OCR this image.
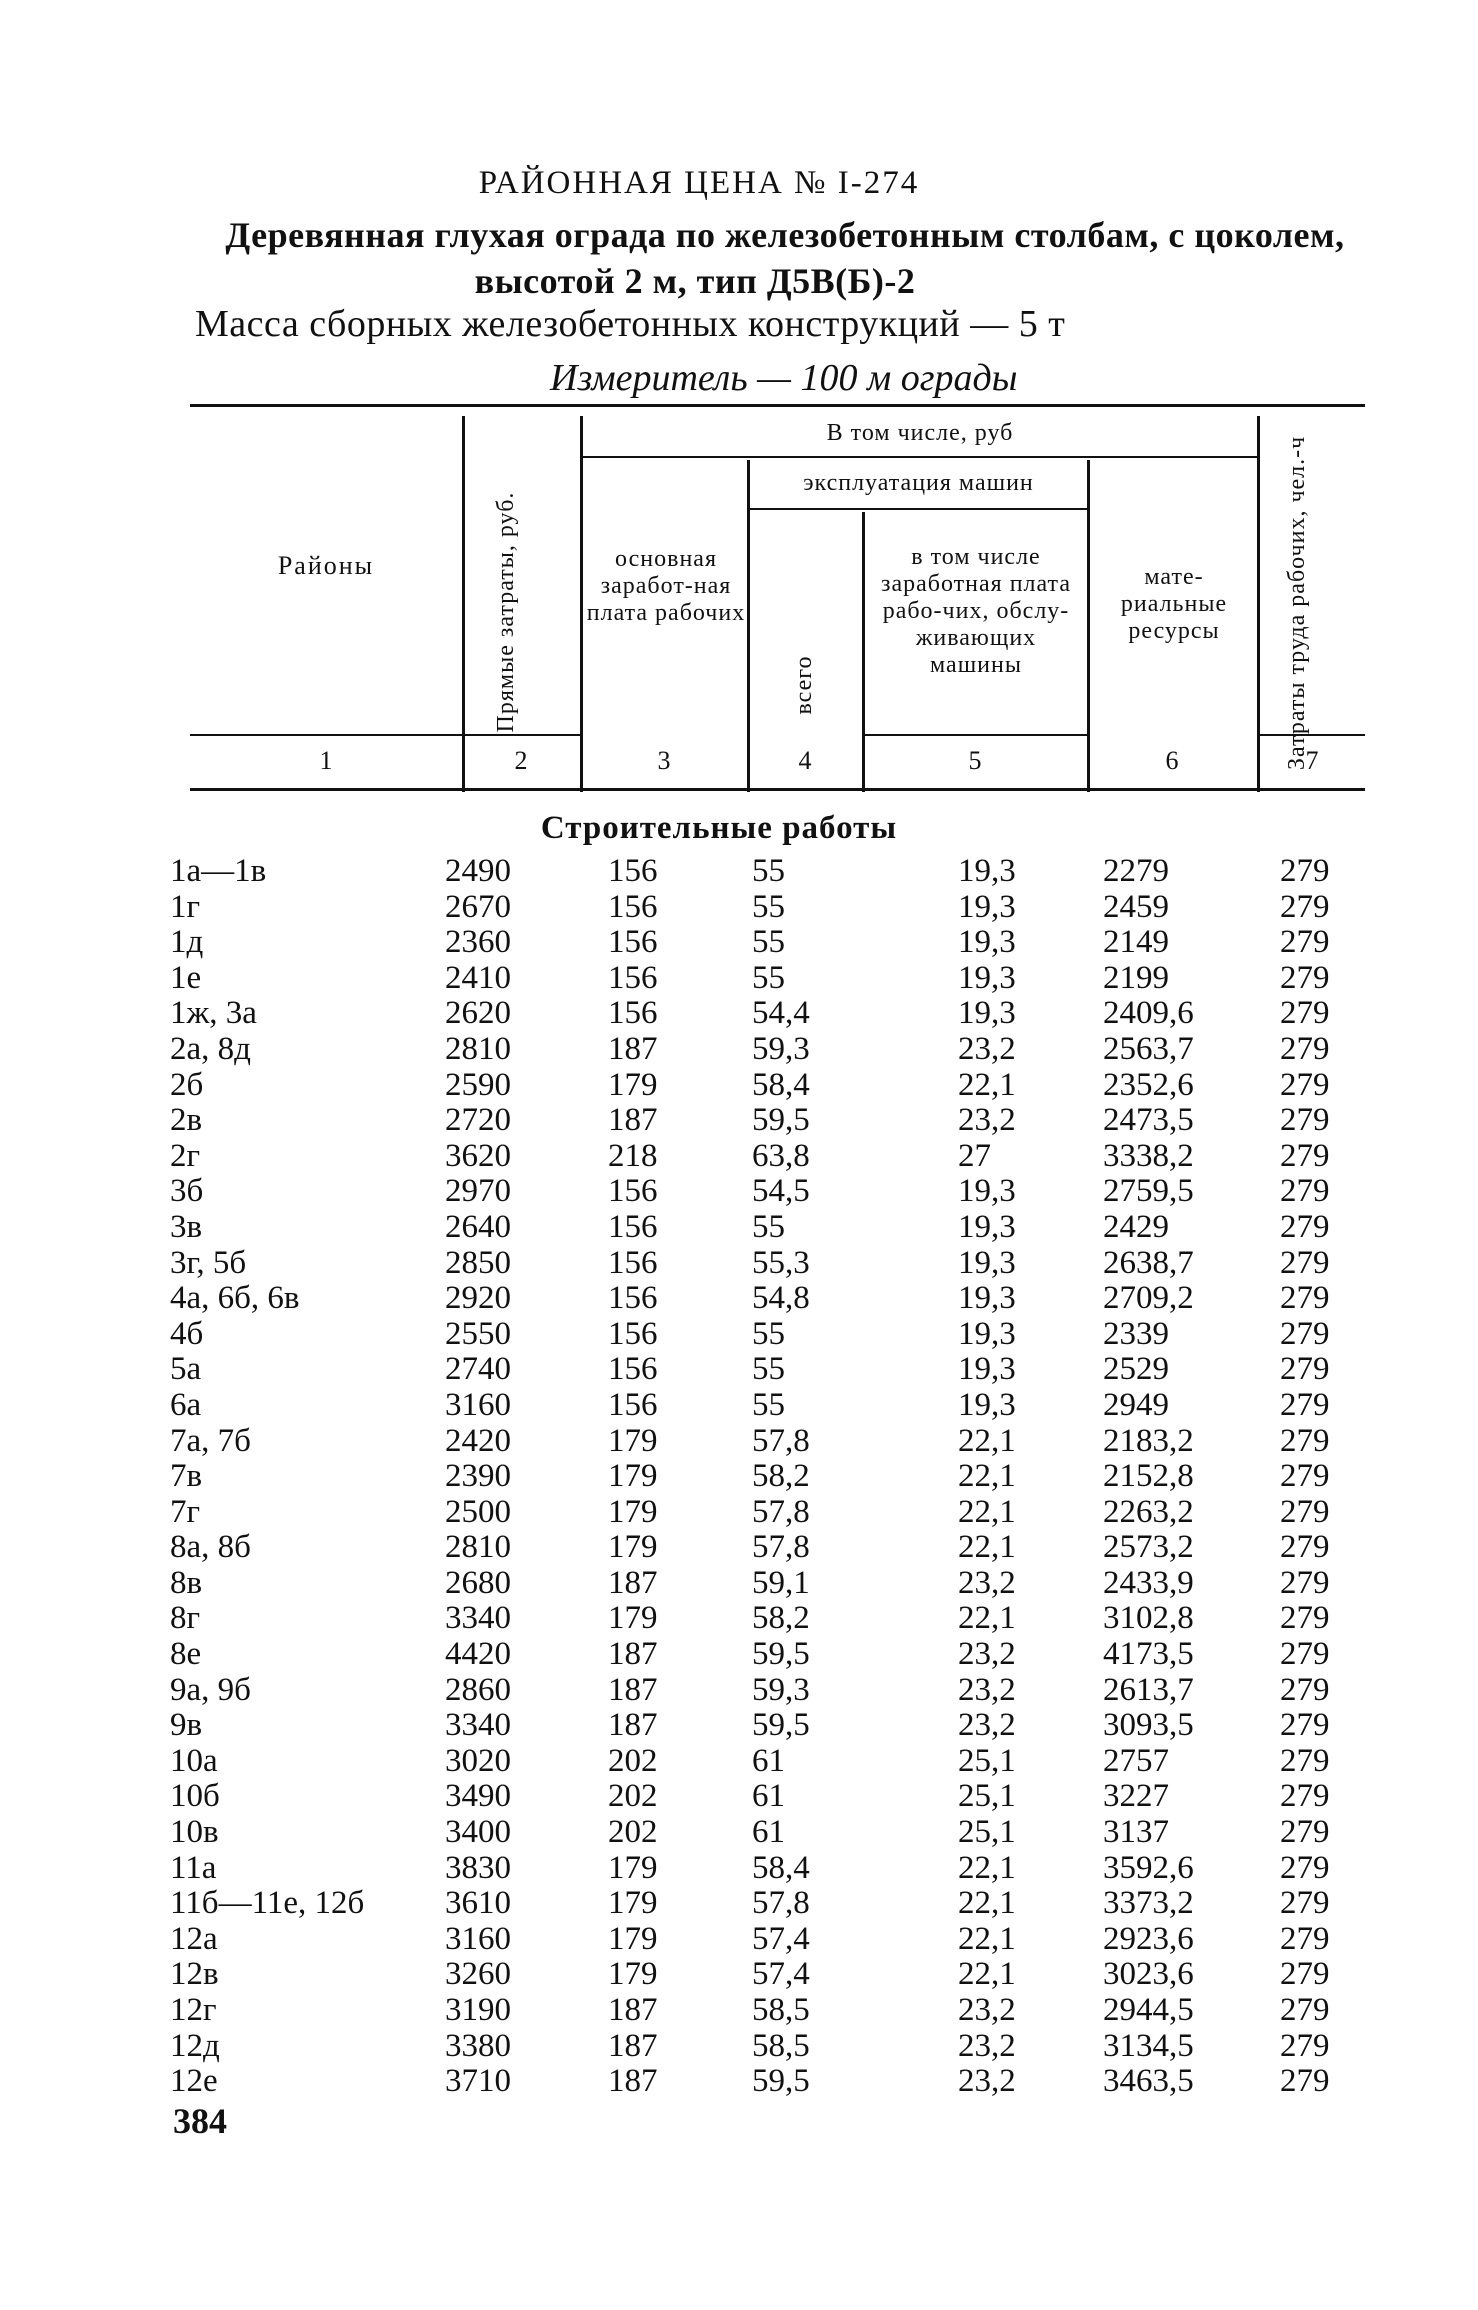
РАЙОННАЯ ЦЕНА № I-274
Деревянная глухая ограда по железобетонным столбам, с цоколем,
высотой 2 м, тип Д5В(Б)-2
Масса сборных железобетонных конструкций — 5 т
Измеритель — 100 м ограды
Районы	Прямые затраты, руб.
В том числе, руб
основная заработ-ная плата рабочих
эксплуатация машин
всего
в том числе заработная плата рабо-чих, обслу-живающих машины
мате-риальные ресурсы	Затраты труда рабочих, чел.-ч
1	2	3	4	5	6	7
Строительные работы
1а—1в	2490	156	55	19,3	2279	279
1г	2670	156	55	19,3	2459	279
1д	2360	156	55	19,3	2149	279
1е	2410	156	55	19,3	2199	279
1ж, 3а	2620	156	54,4	19,3	2409,6	279
2а, 8д	2810	187	59,3	23,2	2563,7	279
2б	2590	179	58,4	22,1	2352,6	279
2в	2720	187	59,5	23,2	2473,5	279
2г	3620	218	63,8	27	3338,2	279
3б	2970	156	54,5	19,3	2759,5	279
3в	2640	156	55	19,3	2429	279
3г, 5б	2850	156	55,3	19,3	2638,7	279
4а, 6б, 6в	2920	156	54,8	19,3	2709,2	279
4б	2550	156	55	19,3	2339	279
5а	2740	156	55	19,3	2529	279
6а	3160	156	55	19,3	2949	279
7а, 7б	2420	179	57,8	22,1	2183,2	279
7в	2390	179	58,2	22,1	2152,8	279
7г	2500	179	57,8	22,1	2263,2	279
8а, 8б	2810	179	57,8	22,1	2573,2	279
8в	2680	187	59,1	23,2	2433,9	279
8г	3340	179	58,2	22,1	3102,8	279
8е	4420	187	59,5	23,2	4173,5	279
9а, 9б	2860	187	59,3	23,2	2613,7	279
9в	3340	187	59,5	23,2	3093,5	279
10а	3020	202	61	25,1	2757	279
10б	3490	202	61	25,1	3227	279
10в	3400	202	61	25,1	3137	279
11а	3830	179	58,4	22,1	3592,6	279
11б—11е, 12б 3610	179	57,8	22,1	3373,2	279
12а	3160	179	57,4	22,1	2923,6	279
12в	3260	179	57,4	22,1	3023,6	279
12г	3190	187	58,5	23,2	2944,5	279
12д	3380	187	58,5	23,2	3134,5	279
12е	3710	187	59,5	23,2	3463,5	279
384
